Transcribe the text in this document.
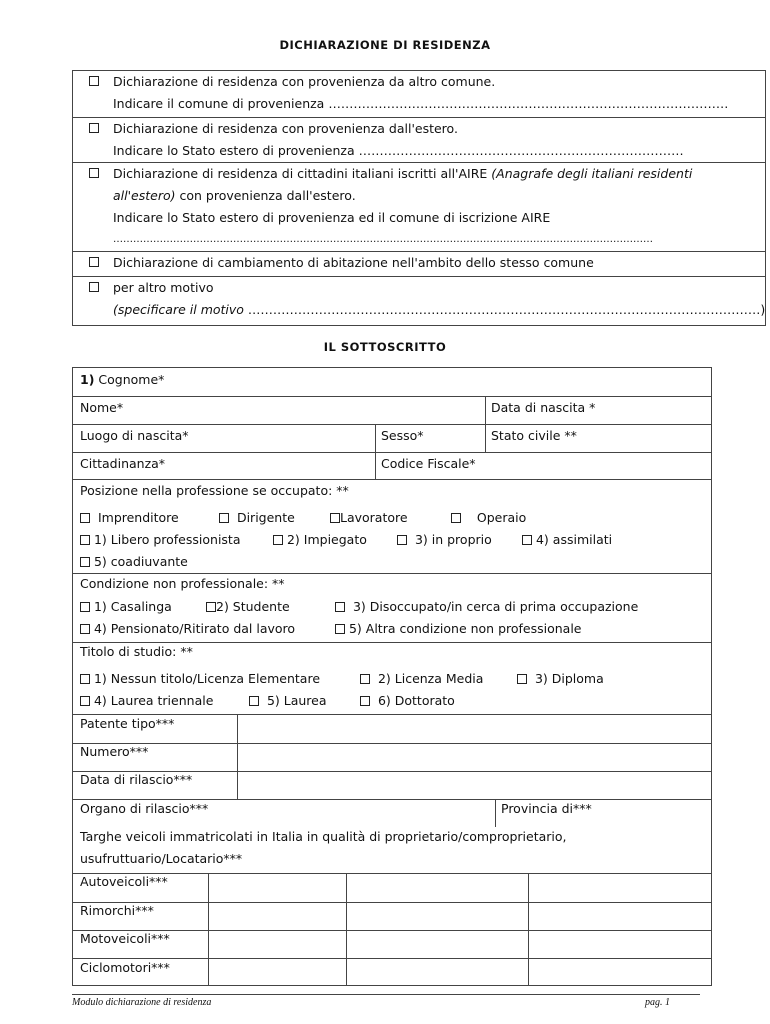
DICHIARAZIONE DI RESIDENZA
Dichiarazione di residenza con provenienza da altro comune.
Indicare il comune di provenienza ……………………………………………………………………………………

Dichiarazione di residenza con provenienza dall'estero.
Indicare lo Stato estero di provenienza ……………………………………………………………………

Dichiarazione di residenza di cittadini italiani iscritti all'AIRE (Anagrafe degli italiani residenti
all'estero) con provenienza dall'estero.
Indicare lo Stato estero di provenienza ed il comune di iscrizione AIRE
………………………………………………………………………………………………………………………………………………

Dichiarazione di cambiamento di abitazione nell'ambito dello stesso comune

per altro motivo
(specificare il motivo ……………………………………………………………………………………………………………)
IL SOTTOSCRITTO
1) Cognome*
Nome*	Data di nascita *
Luogo di nascita*	Sesso*	Stato civile **
Cittadinanza*	Codice Fiscale*
Posizione nella professione se occupato: **
Imprenditore	Dirigente	Lavoratore	Operaio
1) Libero professionista	2) Impiegato	3) in proprio	4) assimilati
5) coadiuvante
Condizione non professionale: **
1) Casalinga	2) Studente	3) Disoccupato/in cerca di prima occupazione
4) Pensionato/Ritirato dal lavoro	5) Altra condizione non professionale
Titolo di studio: **
1) Nessun titolo/Licenza Elementare	2) Licenza Media	3) Diploma
4) Laurea triennale	5) Laurea	6) Dottorato
Patente tipo***
Numero***
Data di rilascio***
Organo di rilascio***	Provincia di***
Targhe veicoli immatricolati in Italia in qualità di proprietario/comproprietario,
usufruttuario/Locatario***
Autoveicoli***
Rimorchi***
Motoveicoli***
Ciclomotori***
Modulo dichiarazione di residenza	pag. 1
